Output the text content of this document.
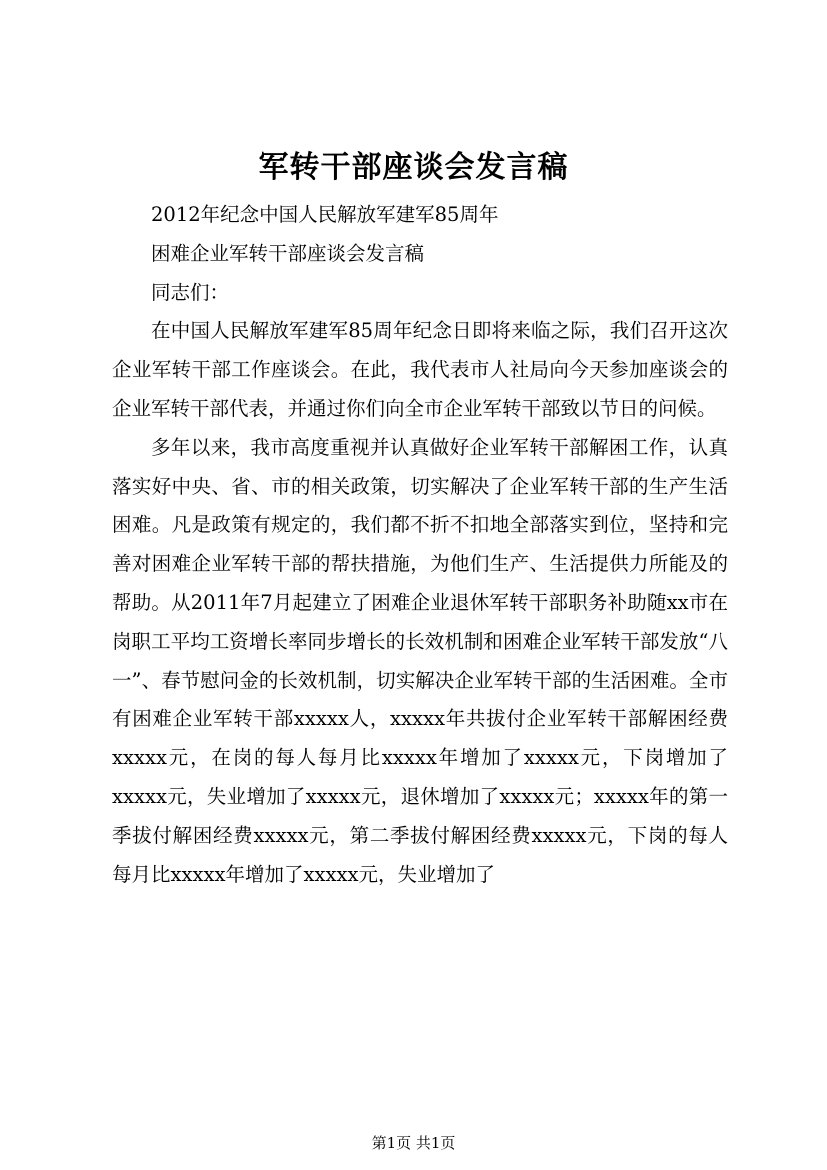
军转干部座谈会发言稿

2012年纪念中国人民解放军建军85周年

困难企业军转干部座谈会发言稿

同志们：

在中国人民解放军建军85周年纪念日即将来临之际，我们召开这次企业军转干部工作座谈会。在此，我代表市人社局向今天参加座谈会的企业军转干部代表，并通过你们向全市企业军转干部致以节日的问候。

多年以来，我市高度重视并认真做好企业军转干部解困工作，认真落实好中央、省、市的相关政策，切实解决了企业军转干部的生产生活困难。凡是政策有规定的，我们都不折不扣地全部落实到位，坚持和完善对困难企业军转干部的帮扶措施，为他们生产、生活提供力所能及的帮助。从2011年7月起建立了困难企业退休军转干部职务补助随xx市在岗职工平均工资增长率同步增长的长效机制和困难企业军转干部发放“八一”、春节慰问金的长效机制，切实解决企业军转干部的生活困难。全市有困难企业军转干部xxxxx人，xxxxx年共拔付企业军转干部解困经费xxxxx元，在岗的每人每月比xxxxx年增加了xxxxx元，下岗增加了xxxxx元，失业增加了xxxxx元，退休增加了xxxxx元；xxxxx年的第一季拔付解困经费xxxxx元，第二季拔付解困经费xxxxx元，下岗的每人每月比xxxxx年增加了xxxxx元，失业增加了

第1页 共1页
